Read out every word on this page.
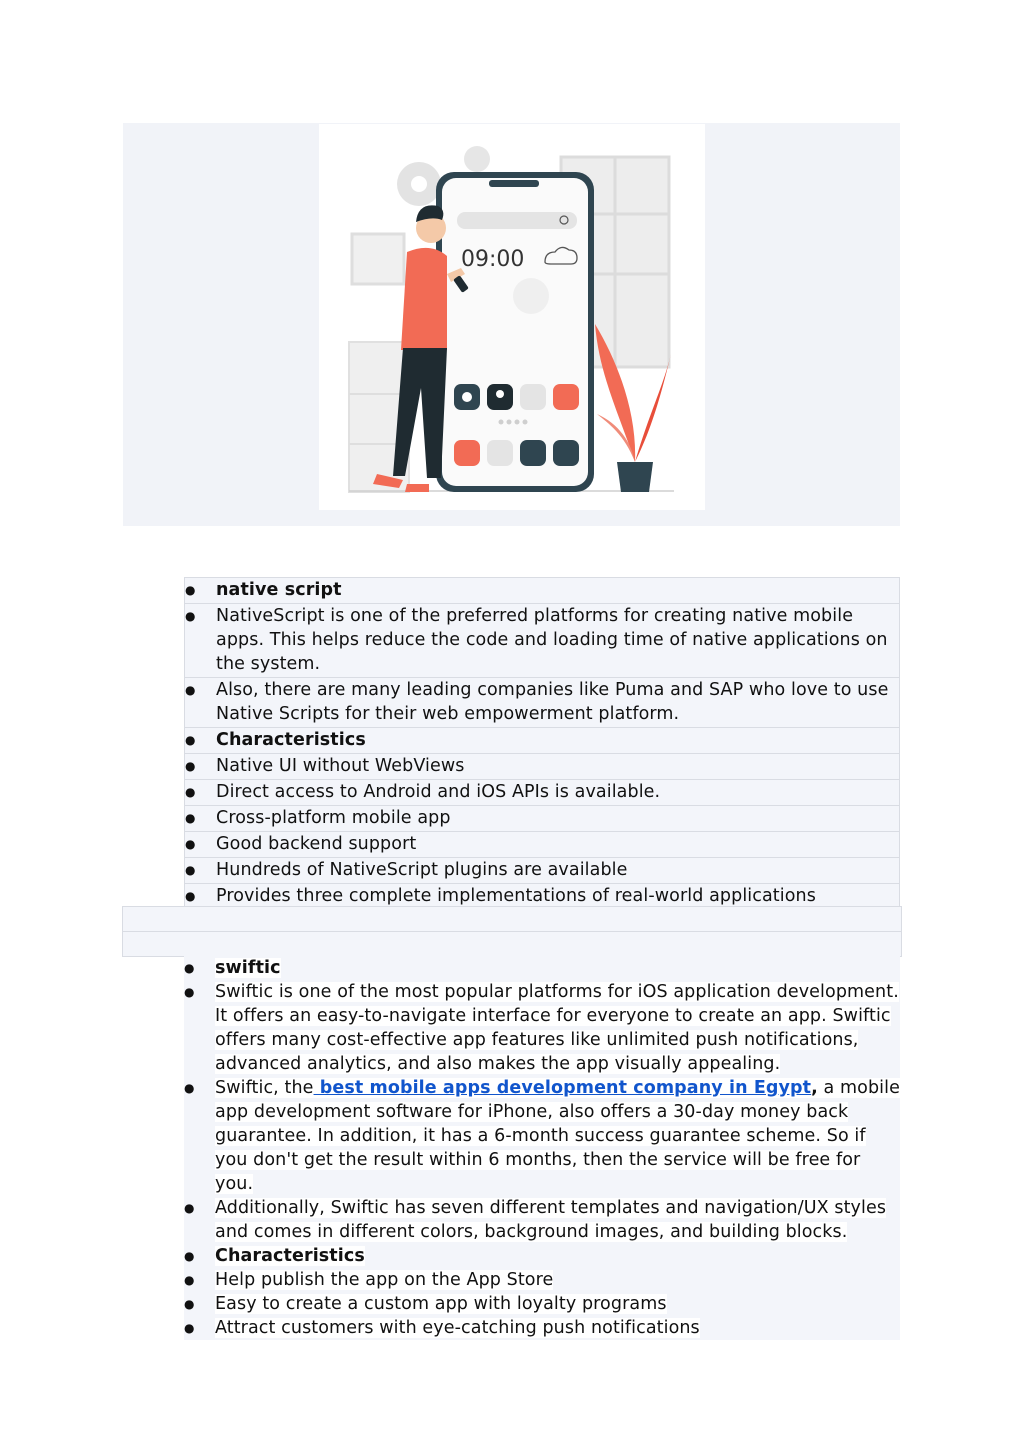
09:00
● native script
● NativeScript is one of the preferred platforms for creating native mobile apps. This helps reduce the code and loading time of native applications on the system.
● Also, there are many leading companies like Puma and SAP who love to use Native Scripts for their web empowerment platform.
● Characteristics
● Native UI without WebViews
● Direct access to Android and iOS APIs is available.
● Cross-platform mobile app
● Good backend support
● Hundreds of NativeScript plugins are available
● Provides three complete implementations of real-world applications
● swiftic
● Swiftic is one of the most popular platforms for iOS application development. It offers an easy-to-navigate interface for everyone to create an app. Swiftic offers many cost-effective app features like unlimited push notifications, advanced analytics, and also makes the app visually appealing.
● Swiftic, the best mobile apps development company in Egypt, a mobile app development software for iPhone, also offers a 30-day money back guarantee. In addition, it has a 6-month success guarantee scheme. So if you don't get the result within 6 months, then the service will be free for you.
● Additionally, Swiftic has seven different templates and navigation/UX styles and comes in different colors, background images, and building blocks.
● Characteristics
● Help publish the app on the App Store
● Easy to create a custom app with loyalty programs
● Attract customers with eye-catching push notifications
